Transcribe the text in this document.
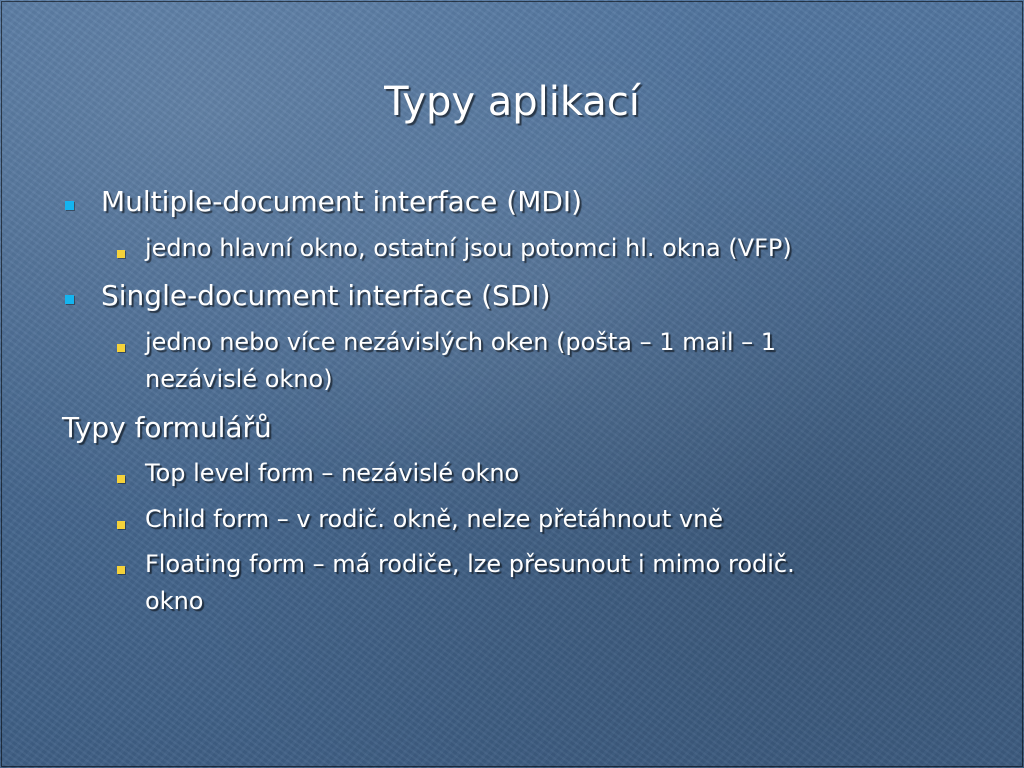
Typy aplikací
Multiple-document interface (MDI)
jedno hlavní okno, ostatní jsou potomci hl. okna (VFP)
Single-document interface (SDI)
jedno nebo více nezávislých oken (pošta – 1 mail – 1
nezávislé okno)
Typy formulářů
Top level form – nezávislé okno
Child form – v rodič. okně, nelze přetáhnout vně
Floating form – má rodiče, lze přesunout i mimo rodič.
okno
